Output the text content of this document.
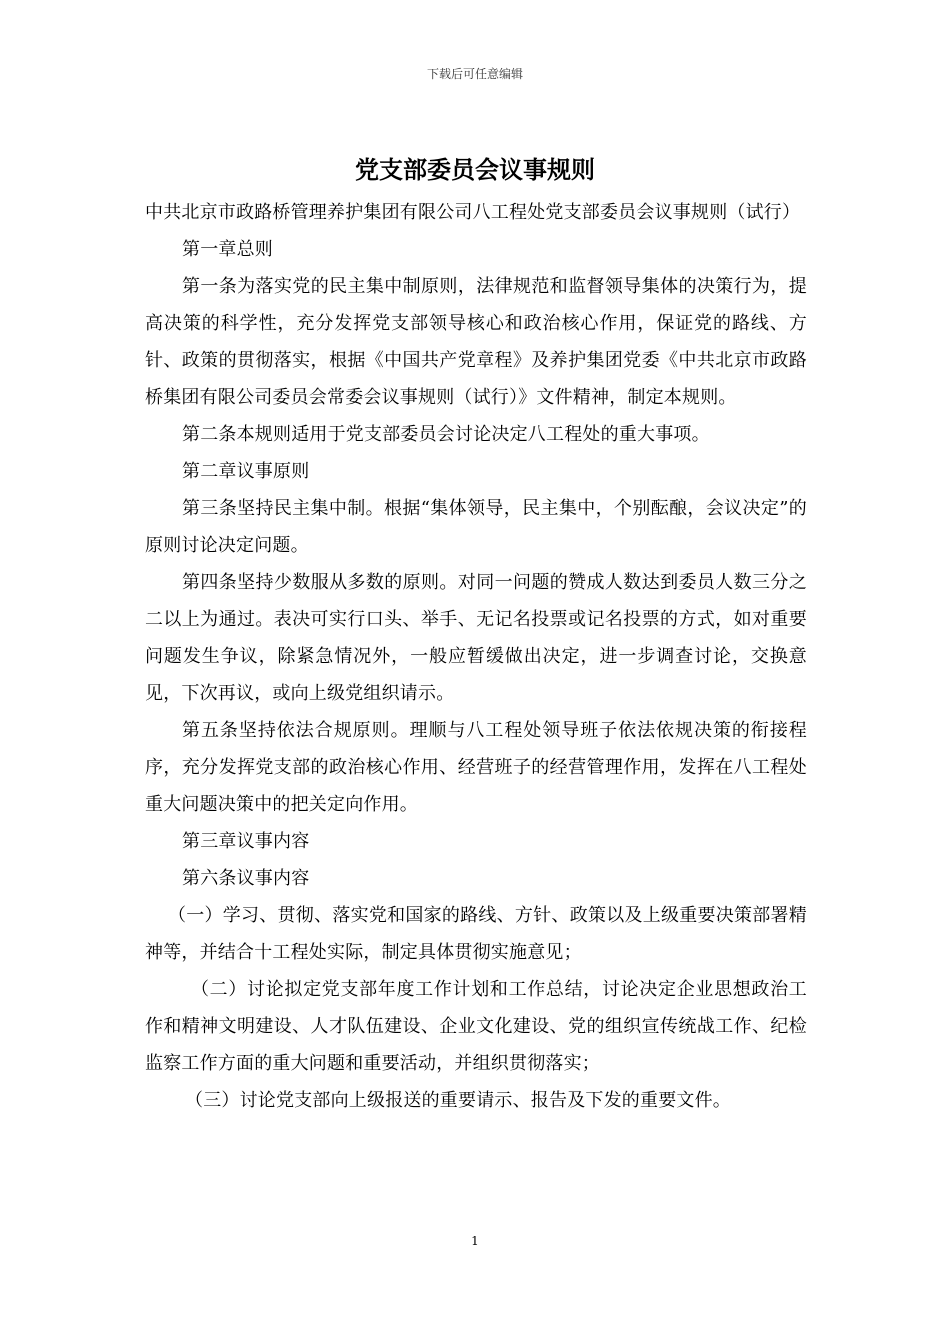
下载后可任意编辑
党支部委员会议事规则

中共北京市政路桥管理养护集团有限公司八工程处党支部委员会议事规则（试行）

第一章总则

第一条为落实党的民主集中制原则，法律规范和监督领导集体的决策行为，提高决策的科学性，充分发挥党支部领导核心和政治核心作用，保证党的路线、方针、政策的贯彻落实，根据《中国共产党章程》及养护集团党委《中共北京市政路桥集团有限公司委员会常委会议事规则（试行）》文件精神，制定本规则。

第二条本规则适用于党支部委员会讨论决定八工程处的重大事项。

第二章议事原则

第三条坚持民主集中制。根据“集体领导，民主集中，个别酝酿，会议决定”的原则讨论决定问题。

第四条坚持少数服从多数的原则。对同一问题的赞成人数达到委员人数三分之二以上为通过。表决可实行口头、举手、无记名投票或记名投票的方式，如对重要问题发生争议，除紧急情况外，一般应暂缓做出决定，进一步调查讨论，交换意见，下次再议，或向上级党组织请示。

第五条坚持依法合规原则。理顺与八工程处领导班子依法依规决策的衔接程序，充分发挥党支部的政治核心作用、经营班子的经营管理作用，发挥在八工程处重大问题决策中的把关定向作用。

第三章议事内容

第六条议事内容

（一）学习、贯彻、落实党和国家的路线、方针、政策以及上级重要决策部署精神等，并结合十工程处实际，制定具体贯彻实施意见；

（二）讨论拟定党支部年度工作计划和工作总结，讨论决定企业思想政治工作和精神文明建设、人才队伍建设、企业文化建设、党的组织宣传统战工作、纪检监察工作方面的重大问题和重要活动，并组织贯彻落实；

（三）讨论党支部向上级报送的重要请示、报告及下发的重要文件。

1
